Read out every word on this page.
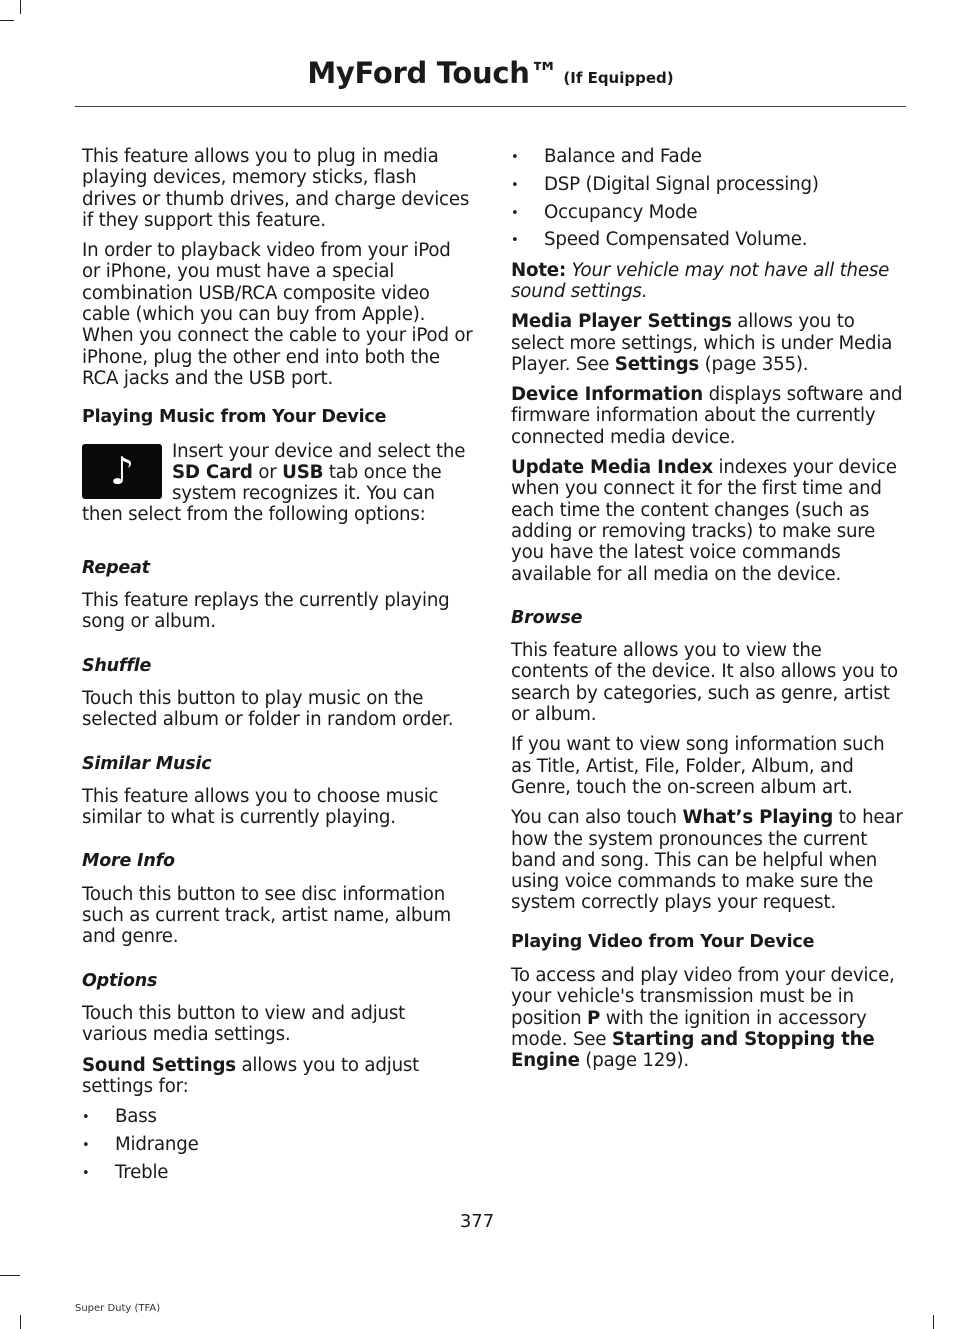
MyFord Touch™ (If Equipped)

This feature allows you to plug in media playing devices, memory sticks, flash drives or thumb drives, and charge devices if they support this feature.

In order to playback video from your iPod or iPhone, you must have a special combination USB/RCA composite video cable (which you can buy from Apple). When you connect the cable to your iPod or iPhone, plug the other end into both the RCA jacks and the USB port.

Playing Music from Your Device

♪ Insert your device and select the SD Card or USB tab once the system recognizes it. You can then select from the following options:

Repeat

This feature replays the currently playing song or album.

Shuffle

Touch this button to play music on the selected album or folder in random order.

Similar Music

This feature allows you to choose music similar to what is currently playing.

More Info

Touch this button to see disc information such as current track, artist name, album and genre.

Options

Touch this button to view and adjust various media settings.

Sound Settings allows you to adjust settings for:

• Bass
• Midrange
• Treble
• Balance and Fade
• DSP (Digital Signal processing)
• Occupancy Mode
• Speed Compensated Volume.

Note: Your vehicle may not have all these sound settings.

Media Player Settings allows you to select more settings, which is under Media Player. See Settings (page 355).

Device Information displays software and firmware information about the currently connected media device.

Update Media Index indexes your device when you connect it for the first time and each time the content changes (such as adding or removing tracks) to make sure you have the latest voice commands available for all media on the device.

Browse

This feature allows you to view the contents of the device. It also allows you to search by categories, such as genre, artist or album.

If you want to view song information such as Title, Artist, File, Folder, Album, and Genre, touch the on-screen album art.

You can also touch What’s Playing to hear how the system pronounces the current band and song. This can be helpful when using voice commands to make sure the system correctly plays your request.

Playing Video from Your Device

To access and play video from your device, your vehicle's transmission must be in position P with the ignition in accessory mode. See Starting and Stopping the Engine (page 129).

377
Super Duty (TFA)
